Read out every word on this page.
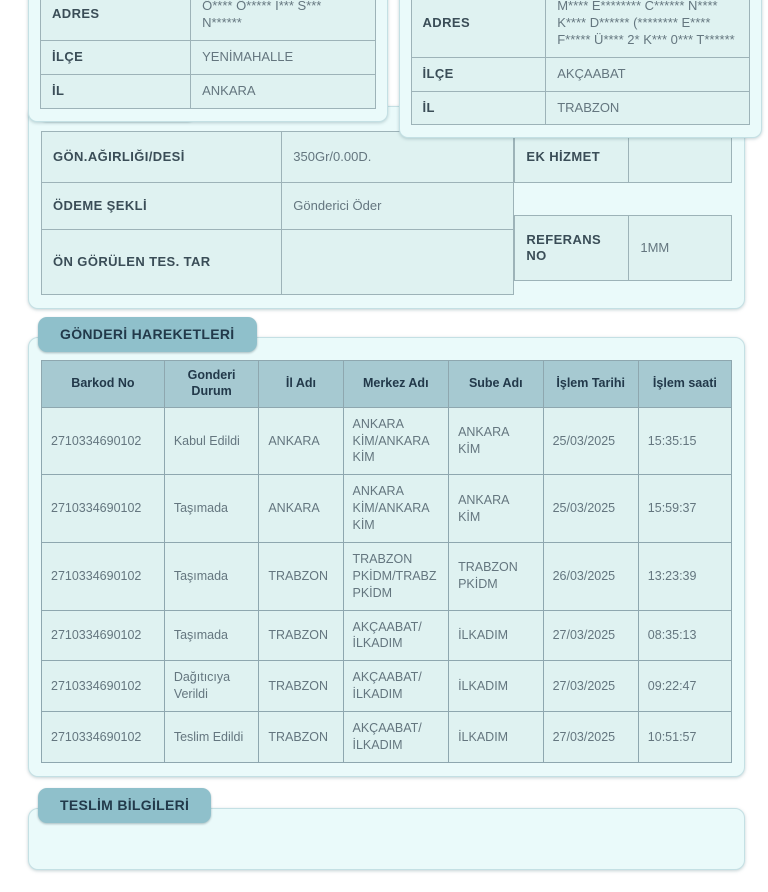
ADRES	Ö**** Ö***** İ*** S*** N******
İLÇE	YENİMAHALLE
İL	ANKARA
ADRES	M**** E******** C****** N**** K**** D****** (******** E**** F***** Ü**** 2* K*** 0*** T******
İLÇE	AKÇAABAT
İL	TRABZON
GÖN.AĞIRLIĞI/DESİ	350Gr/0.00D.
ÖDEME ŞEKLİ	Gönderici Öder
ÖN GÖRÜLEN TES. TAR	
EK HİZMET	
REFERANS NO	1MM
GÖNDERİ HAREKETLERİ
Barkod No	Gonderi Durum	İl Adı	Merkez Adı	Sube Adı	İşlem Tarihi	İşlem saati
2710334690102	Kabul Edildi	ANKARA	ANKARA KİM/ANKARA KİM	ANKARA KİM	25/03/2025	15:35:15
2710334690102	Taşımada	ANKARA	ANKARA KİM/ANKARA KİM	ANKARA KİM	25/03/2025	15:59:37
2710334690102	Taşımada	TRABZON	TRABZON PKİDM/TRABZ PKİDM	TRABZON PKİDM	26/03/2025	13:23:39
2710334690102	Taşımada	TRABZON	AKÇAABAT/İLKADIM	İLKADIM	27/03/2025	08:35:13
2710334690102	Dağıtıcıya Verildi	TRABZON	AKÇAABAT/İLKADIM	İLKADIM	27/03/2025	09:22:47
2710334690102	Teslim Edildi	TRABZON	AKÇAABAT/İLKADIM	İLKADIM	27/03/2025	10:51:57
TESLİM BİLGİLERİ
